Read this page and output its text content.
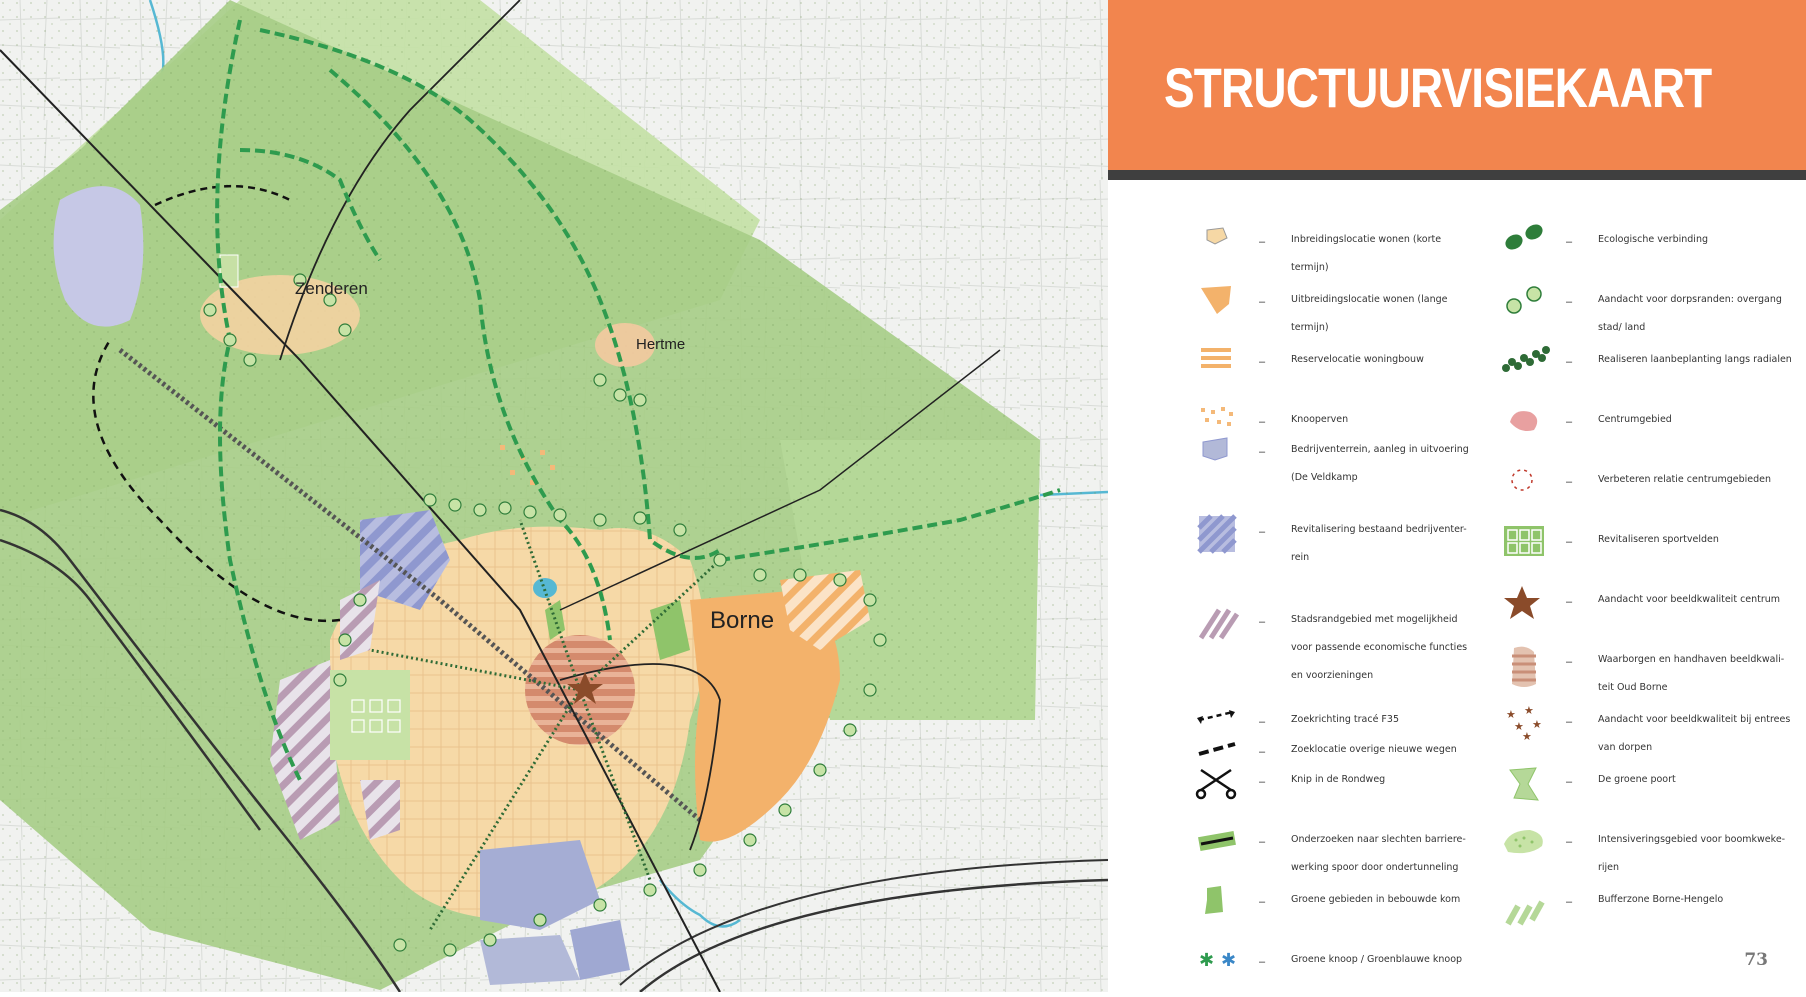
Zenderen
Hertme
Borne
STRUCTUURVISIEKAART
–	Inbreidingslocatie wonen (korte
termijn)
–	Uitbreidingslocatie wonen (lange
termijn)
–	Reservelocatie woningbouw
–	Knooperven
–	Bedrijventerrein, aanleg in uitvoering
(De Veldkamp
–	Revitalisering bestaand bedrijventer-
rein
–	Stadsrandgebied met mogelijkheid
voor passende economische functies
en voorzieningen
–	Zoekrichting tracé F35
–	Zoeklocatie overige nieuwe wegen
–	Knip in de Rondweg
–	Onderzoeken naar slechten barriere-
werking spoor door ondertunneling
–	Groene gebieden in bebouwde kom
✱ ✱ –	Groene knoop / Groenblauwe knoop
–	Ecologische verbinding
–	Aandacht voor dorpsranden: overgang
stad/ land
–	Realiseren laanbeplanting langs radialen
–	Centrumgebied
–	Verbeteren relatie centrumgebieden
–	Revitaliseren sportvelden
–	Aandacht voor beeldkwaliteit centrum
–	Waarborgen en handhaven beeldkwali-
teit Oud Borne
★ ★
★ ★
★
–	Aandacht voor beeldkwaliteit bij entrees
van dorpen
–	De groene poort
–	Intensiveringsgebied voor boomkweke-
rijen
–	Bufferzone Borne-Hengelo
73
